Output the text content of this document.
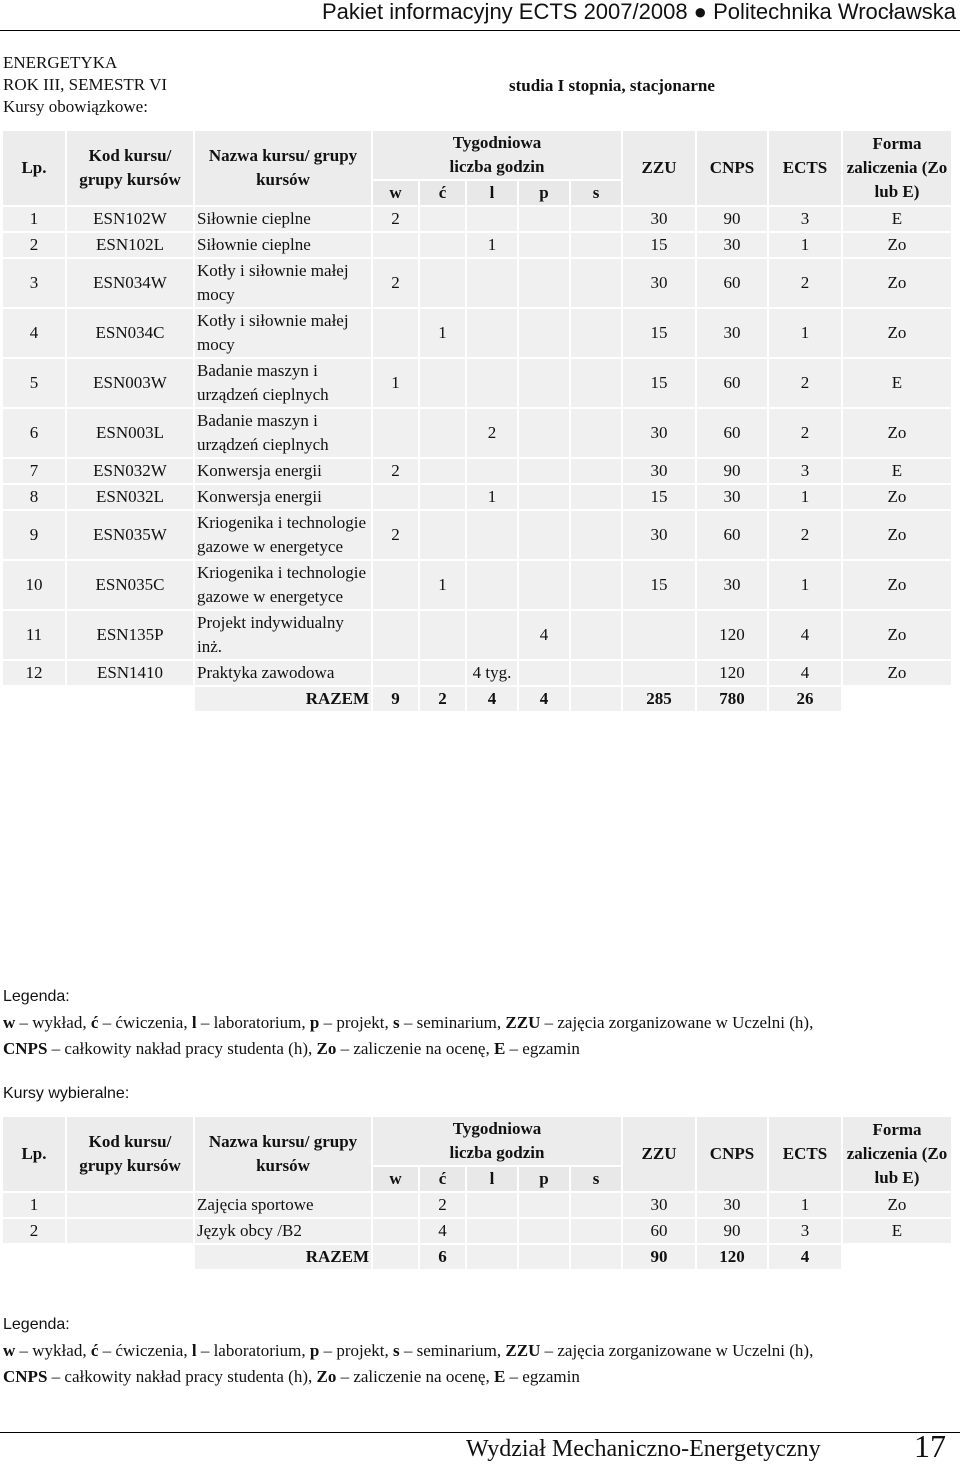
Pakiet informacyjny ECTS 2007/2008 ● Politechnika Wrocławska
ENERGETYKA
ROK III, SEMESTR VI
Kursy obowiązkowe:
studia I stopnia, stacjonarne
Lp.	Kod kursu/ grupy kursów	Nazwa kursu/ grupy kursów	Tygodniowa liczba godzin					ZZU	CNPS	ECTS	Forma zaliczenia (Zo lub E)
			w	ć	l	p	s				
1	ESN102W	Siłownie cieplne	2					30	90	3	E
2	ESN102L	Siłownie cieplne			1			15	30	1	Zo
3	ESN034W	Kotły i siłownie małej mocy	2					30	60	2	Zo
4	ESN034C	Kotły i siłownie małej mocy		1				15	30	1	Zo
5	ESN003W	Badanie maszyn i urządzeń cieplnych	1					15	60	2	E
6	ESN003L	Badanie maszyn i urządzeń cieplnych			2			30	60	2	Zo
7	ESN032W	Konwersja energii	2					30	90	3	E
8	ESN032L	Konwersja energii			1			15	30	1	Zo
9	ESN035W	Kriogenika i technologie gazowe w energetyce	2					30	60	2	Zo
10	ESN035C	Kriogenika i technologie gazowe w energetyce		1				15	30	1	Zo
11	ESN135P	Projekt indywidualny inż.				4			120	4	Zo
12	ESN1410	Praktyka zawodowa			4 tyg.				120	4	Zo
		RAZEM	9	2	4	4		285	780	26	
Legenda:
w – wykład, ć – ćwiczenia, l – laboratorium, p – projekt, s – seminarium, ZZU – zajęcia zorganizowane w Uczelni (h),
CNPS – całkowity nakład pracy studenta (h), Zo – zaliczenie na ocenę, E – egzamin
Kursy wybieralne:
Lp.	Kod kursu/ grupy kursów	Nazwa kursu/ grupy kursów	Tygodniowa liczba godzin					ZZU	CNPS	ECTS	Forma zaliczenia (Zo lub E)
			w	ć	l	p	s				
1		Zajęcia sportowe		2				30	30	1	Zo
2		Język obcy /B2		4				60	90	3	E
		RAZEM		6				90	120	4	
Legenda:
w – wykład, ć – ćwiczenia, l – laboratorium, p – projekt, s – seminarium, ZZU – zajęcia zorganizowane w Uczelni (h),
CNPS – całkowity nakład pracy studenta (h), Zo – zaliczenie na ocenę, E – egzamin
Wydział Mechaniczno-Energetyczny	17
